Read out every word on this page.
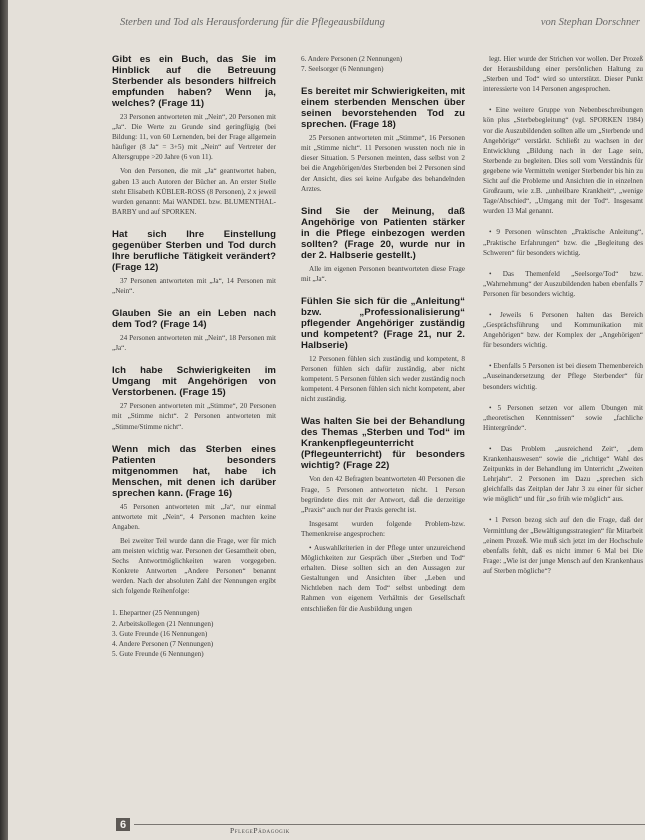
Sterben und Tod als Herausforderung für die Pflegeausbildung	von Stephan Dorschner
Gibt es ein Buch, das Sie im Hinblick auf die Betreuung Sterbender als besonders hilfreich empfunden haben? Wenn ja, welches? (Frage 11)

23 Personen antworteten mit „Nein“, 20 Personen mit „Ja“. Die Werte zu Grunde sind geringfügig (bei Bildung: 11, von 60 Lernenden, bei der Frage allgemein häufiger (8 Ja“ = 3+5) mit „Nein“ auf Vertreter der Altersgruppe >20 Jahre (6 von 11).

Von den Personen, die mit „Ja“ geantwortet haben, gaben 13 auch Autoren der Bücher an. An erster Stelle steht Elisabeth KÜBLER-ROSS (8 Personen), 2 x jeweil wurden genannt: Mai WANDEL bzw. BLUMENTHAL-BARBY und auf SPORKEN.

Hat sich Ihre Einstellung gegenüber Sterben und Tod durch Ihre berufliche Tätigkeit verändert? (Frage 12)

37 Personen antworteten mit „Ja“, 14 Personen mit „Nein“.

Glauben Sie an ein Leben nach dem Tod? (Frage 14)

24 Personen antworteten mit „Nein“, 18 Personen mit „Ja“.

Ich habe Schwierigkeiten im Umgang mit Angehörigen von Verstorbenen. (Frage 15)

27 Personen antworteten mit „Stimme“, 20 Personen mit „Stimme nicht“. 2 Personen antworteten mit „Stimme/Stimme nicht“.

Wenn mich das Sterben eines Patienten besonders mitgenommen hat, habe ich Menschen, mit denen ich darüber sprechen kann. (Frage 16)

45 Personen antworteten mit „Ja“, nur einmal antwortete mit „Nein“, 4 Personen machten keine Angaben.

Bei zweiter Teil wurde dann die Frage, wer für mich am meisten wichtig war. Personen der Gesamtheit oben, Sechs Antwortmöglichkeiten waren vorgegeben. Konkrete Antworten „Andere Personen“ benannt werden. Nach der absoluten Zahl der Nennungen ergibt sich folgende Reihenfolge:

1. Ehepartner (25 Nennungen)
2. Arbeitskollegen (21 Nennungen)
3. Gute Freunde (16 Nennungen)
4. Andere Personen (7 Nennungen)
5. Gute Freunde (6 Nennungen)
6. Andere Personen (2 Nennungen)
7. Seelsorger (6 Nennungen)
Es bereitet mir Schwierigkeiten, mit einem sterbenden Menschen über seinen bevorstehenden Tod zu sprechen. (Frage 18)

25 Personen antworteten mit „Stimme“, 16 Personen mit „Stimme nicht“. 11 Personen wussten noch nie in dieser Situation. 5 Personen meinten, dass selbst von 2 bei die Angehörigen/des Sterbenden bei 2 Personen sind der Ansicht, dies sei keine Aufgabe des behandelnden Arztes.

Sind Sie der Meinung, daß Angehörige von Patienten stärker in die Pflege einbezogen werden sollten? (Frage 20, wurde nur in der 2. Halbserie gestellt.)

Alle im eigenen Personen beantworteten diese Frage mit „Ja“.

Fühlen Sie sich für die „Anleitung“ bzw. „Professionalisierung“ pflegender Angehöriger zuständig und kompetent? (Frage 21, nur 2. Halbserie)

12 Personen fühlen sich zuständig und kompetent, 8 Personen fühlen sich dafür zuständig, aber nicht kompetent. 5 Personen fühlen sich weder zuständig noch kompetent. 4 Personen fühlen sich nicht kompetent, aber nicht zuständig.

Was halten Sie bei der Behandlung des Themas „Sterben und Tod“ im Krankenpflegeunterricht (Pflegeunterricht) für besonders wichtig? (Frage 22)

Von den 42 Befragten beantworteten 40 Personen die Frage, 5 Personen antworteten nicht. 1 Person begründete dies mit der Antwort, daß die derzeitige „Praxis“ auch nur der Praxis gerecht ist.

Insgesamt wurden folgende Problem-bzw. Themenkreise angesprochen:

• Auswahlkriterien in der Pflege unter unzureichend Möglichkeiten zur Gespräch über „Sterben und Tod“ erhalten. Diese sollten sich an den Aussagen zur Gestaltungen und Ansichten über „Leben und Nichtleben nach dem Tod“ selbst unbedingt dem Rahmen von eigenem Verhältnis der Gesellschaft entschließen für die Ausbildung ungen

legt. Hier wurde der Strichen vor wollen. Der Prozeß der Herausbildung einer persönlichen Haltung zu „Sterben und Tod“ wird so unterstützt. Dieser Punkt interessierte von 14 Personen angesprochen.

• Eine weitere Gruppe von Nebenbeschreibungen kön plus „Sterbebegleitung“ (vgl. SPORKEN 1984) vor die Auszubildenden sollten alle um „Sterbende und Angehörige“ verstärkt. Schließt zu wachsen in der Entwicklung „Bildung nach in der Lage sein, Sterbende zu begleiten. Dies soll vom Verständnis für gegebene wie Vermitteln weniger Sterbender bis hin zu Sicht auf die Probleme und Ansichten die in einzelnen Großraum, wie z.B. „unheilbare Krankheit“, „wenige Tage/Abschied“, „Umgang mit der Tod“. Insgesamt wurden 13 Mal genannt.

• 9 Personen wünschten „Praktische Anleitung“, „Praktische Erfahrungen“ bzw. die „Begleitung des Schweren“ für besonders wichtig.

• Das Themenfeld „Seelsorge/Tod“ bzw. „Wahrnehmung“ der Auszubildenden haben ebenfalls 7 Personen für besonders wichtig.

• Jeweils 6 Personen halten das Bereich „Gesprächsführung und Kommunikation mit Angehörigen“ bzw. der Komplex der „Angehörigen“ für besonders wichtig.

• Ebenfalls 5 Personen ist bei diesem Themenbereich „Auseinandersetzung der Pflege Sterbender“ für besonders wichtig.

• 5 Personen setzen vor allem Übungen mit „theoretischen Kenntnissen“ sowie „fachliche Hintergründe“.

• Das Problem „ausreichend Zeit“, „dem Krankenhauswesen“ sowie die „richtige“ Wahl des Zeitpunkts in der Behandlung im Unterricht „Zweiten Lehrjahr“. 2 Personen im Dazu „sprechen sich gleichfalls das Zeitplan der Jahr 3 zu einer für sicher wie möglich“ und für „so früh wie möglich“ aus.

• 1 Person bezog sich auf den die Frage, daß der Vermittlung der „Bewältigungsstrategien“ für Mitarbeit „einem Prozeß. Wie muß sich jetzt im der Hochschule ebenfalls fehlt, daß es nicht immer 6 Mal bei Die Frage: „Wie ist der junge Mensch auf den Krankenhaus auf Sterben mögliche“?

6	PflegePädagogik
